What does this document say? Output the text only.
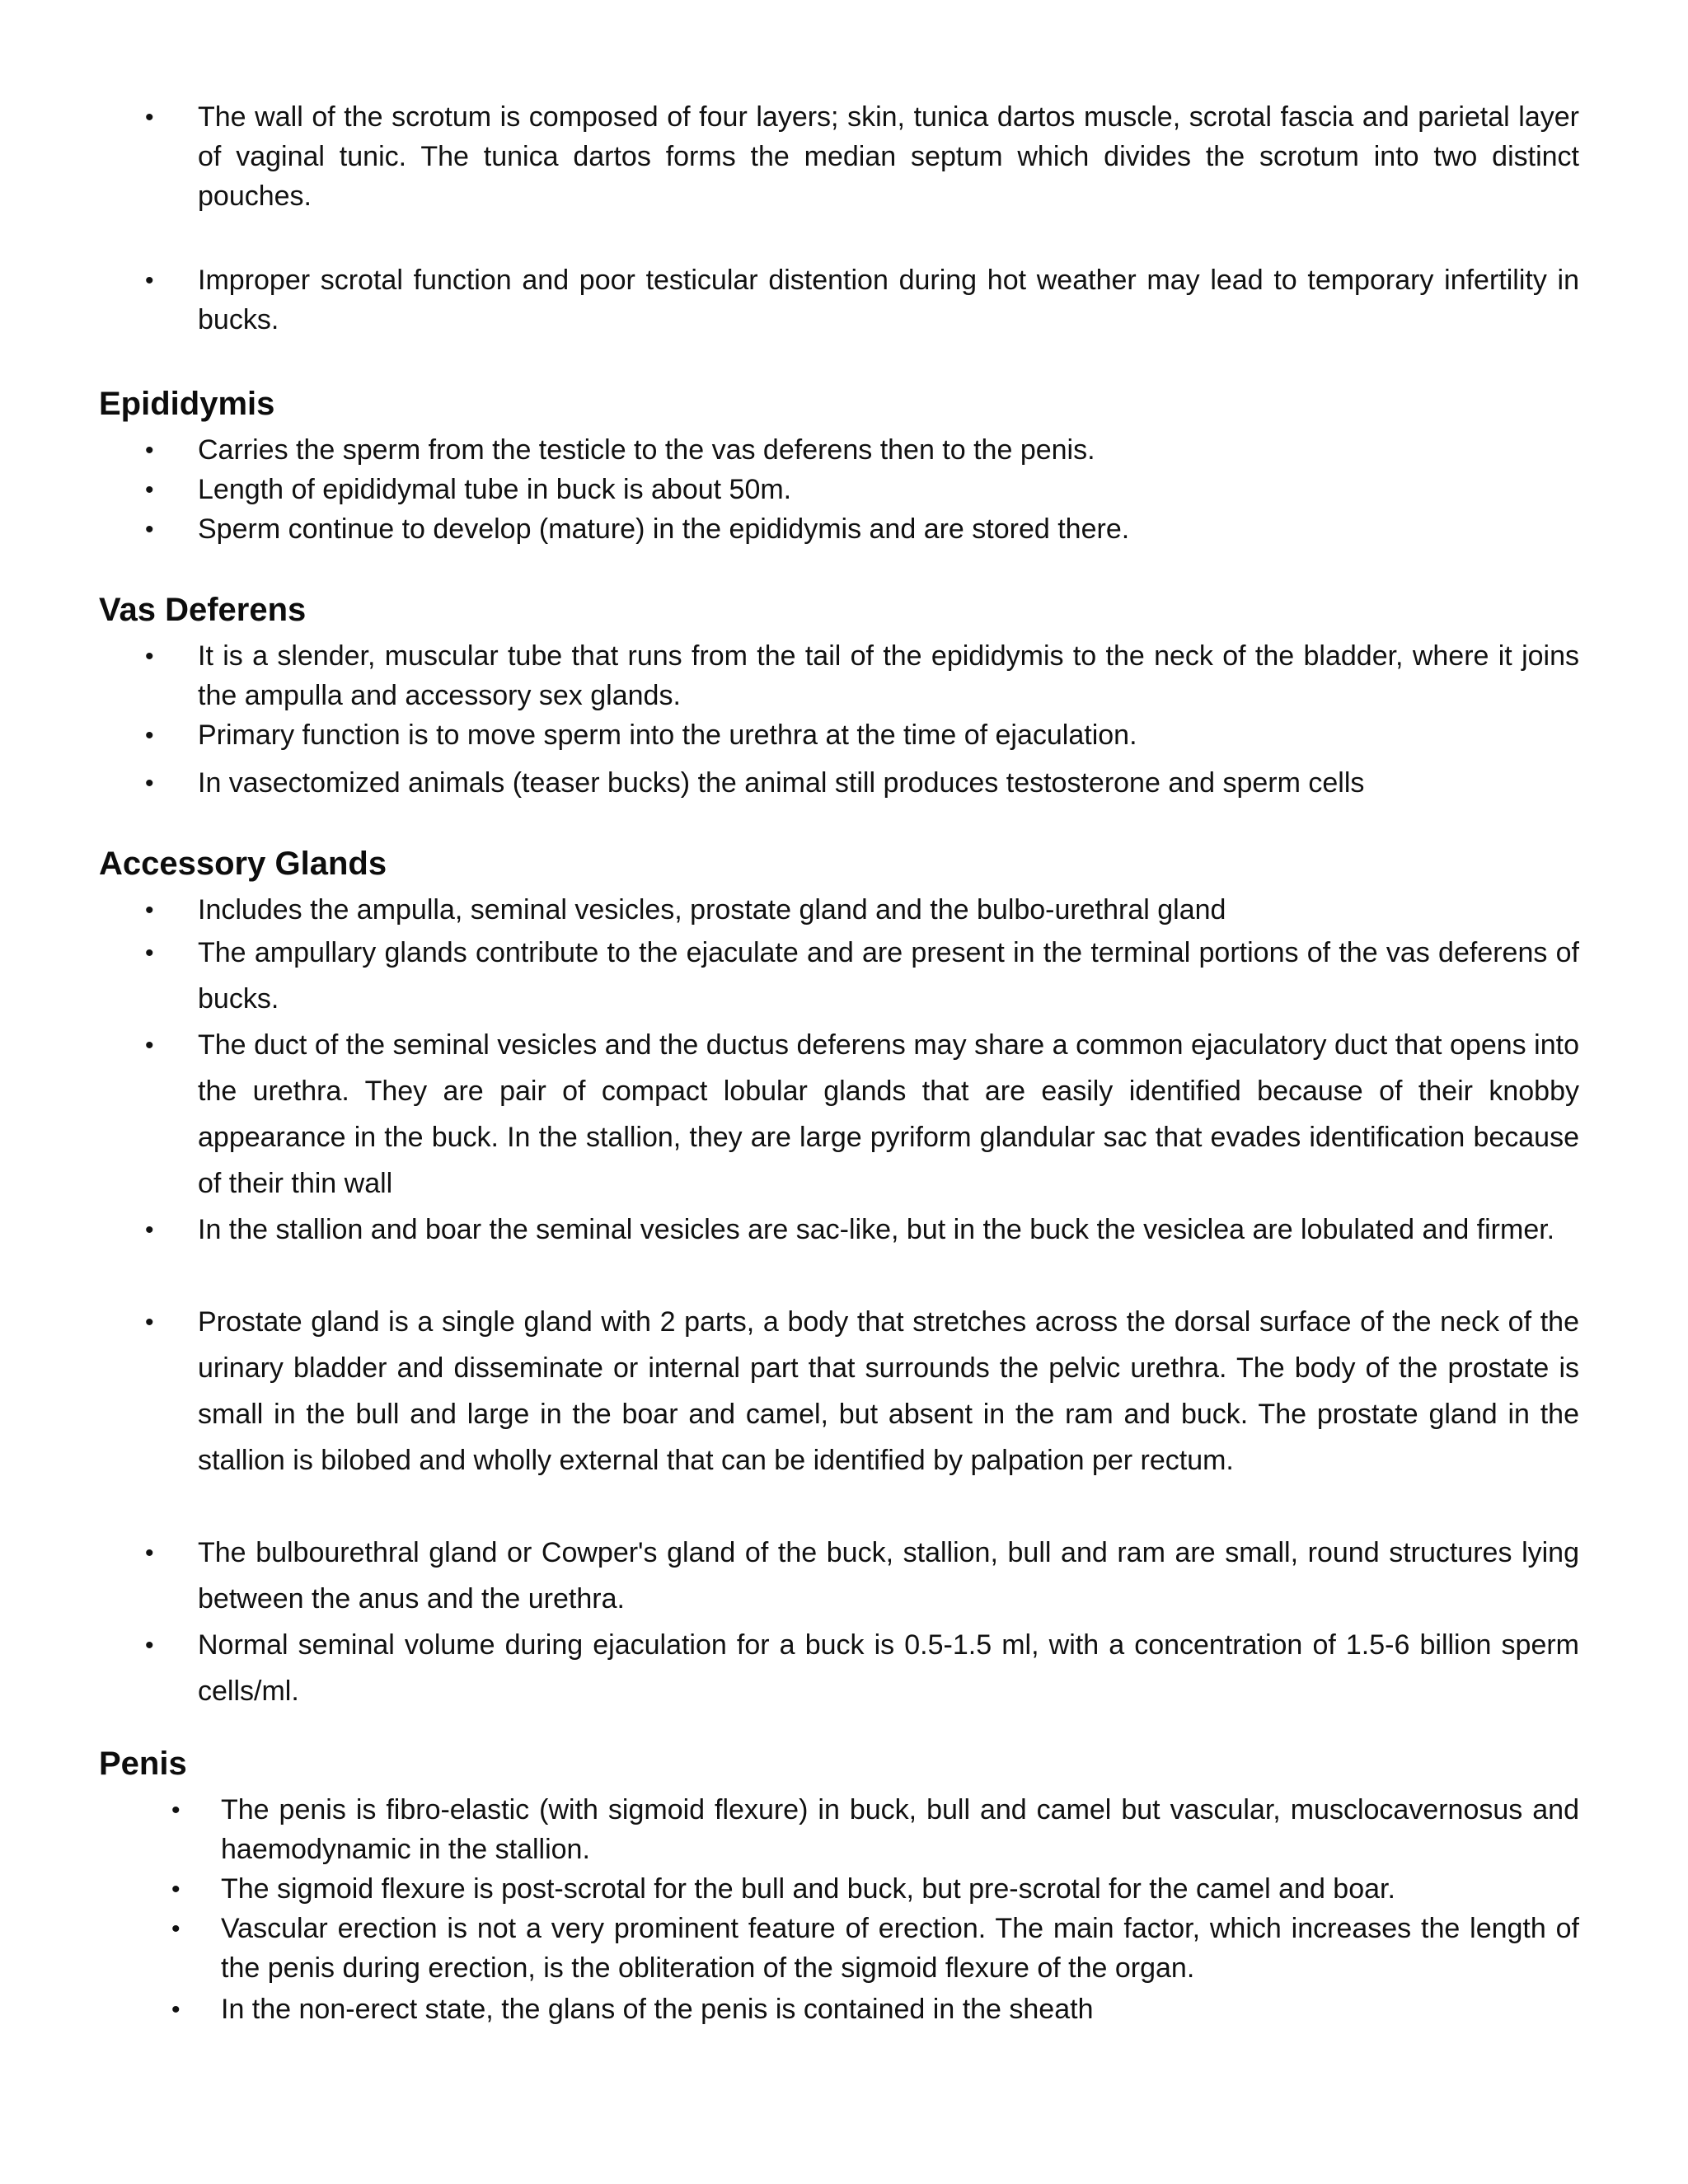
• The wall of the scrotum is composed of four layers; skin, tunica dartos muscle, scrotal fascia and parietal layer of vaginal tunic. The tunica dartos forms the median septum which divides the scrotum into two distinct pouches.
• Improper scrotal function and poor testicular distention during hot weather may lead to temporary infertility in bucks.
Epididymis
• Carries the sperm from the testicle to the vas deferens then to the penis.
• Length of epididymal tube in buck is about 50m.
• Sperm continue to develop (mature) in the epididymis and are stored there.
Vas Deferens
• It is a slender, muscular tube that runs from the tail of the epididymis to the neck of the bladder, where it joins the ampulla and accessory sex glands.
• Primary function is to move sperm into the urethra at the time of ejaculation.
• In vasectomized animals (teaser bucks) the animal still produces testosterone and sperm cells
Accessory Glands
• Includes the ampulla, seminal vesicles, prostate gland and the bulbo-urethral gland
• The ampullary glands contribute to the ejaculate and are present in the terminal portions of the vas deferens of bucks.
• The duct of the seminal vesicles and the ductus deferens may share a common ejaculatory duct that opens into the urethra. They are pair of compact lobular glands that are easily identified because of their knobby appearance in the buck. In the stallion, they are large pyriform glandular sac that evades identification because of their thin wall
• In the stallion and boar the seminal vesicles are sac-like, but in the buck the vesiclea are lobulated and firmer.
• Prostate gland is a single gland with 2 parts, a body that stretches across the dorsal surface of the neck of the urinary bladder and disseminate or internal part that surrounds the pelvic urethra. The body of the prostate is small in the bull and large in the boar and camel, but absent in the ram and buck. The prostate gland in the stallion is bilobed and wholly external that can be identified by palpation per rectum.
• The bulbourethral gland or Cowper's gland of the buck, stallion, bull and ram are small, round structures lying between the anus and the urethra.
• Normal seminal volume during ejaculation for a buck is 0.5-1.5 ml, with a concentration of 1.5-6 billion sperm cells/ml.
Penis
• The penis is fibro-elastic (with sigmoid flexure) in buck, bull and camel but vascular, musclocavernosus and haemodynamic in the stallion.
• The sigmoid flexure is post-scrotal for the bull and buck, but pre-scrotal for the camel and boar.
• Vascular erection is not a very prominent feature of erection. The main factor, which increases the length of the penis during erection, is the obliteration of the sigmoid flexure of the organ.
• In the non-erect state, the glans of the penis is contained in the sheath
